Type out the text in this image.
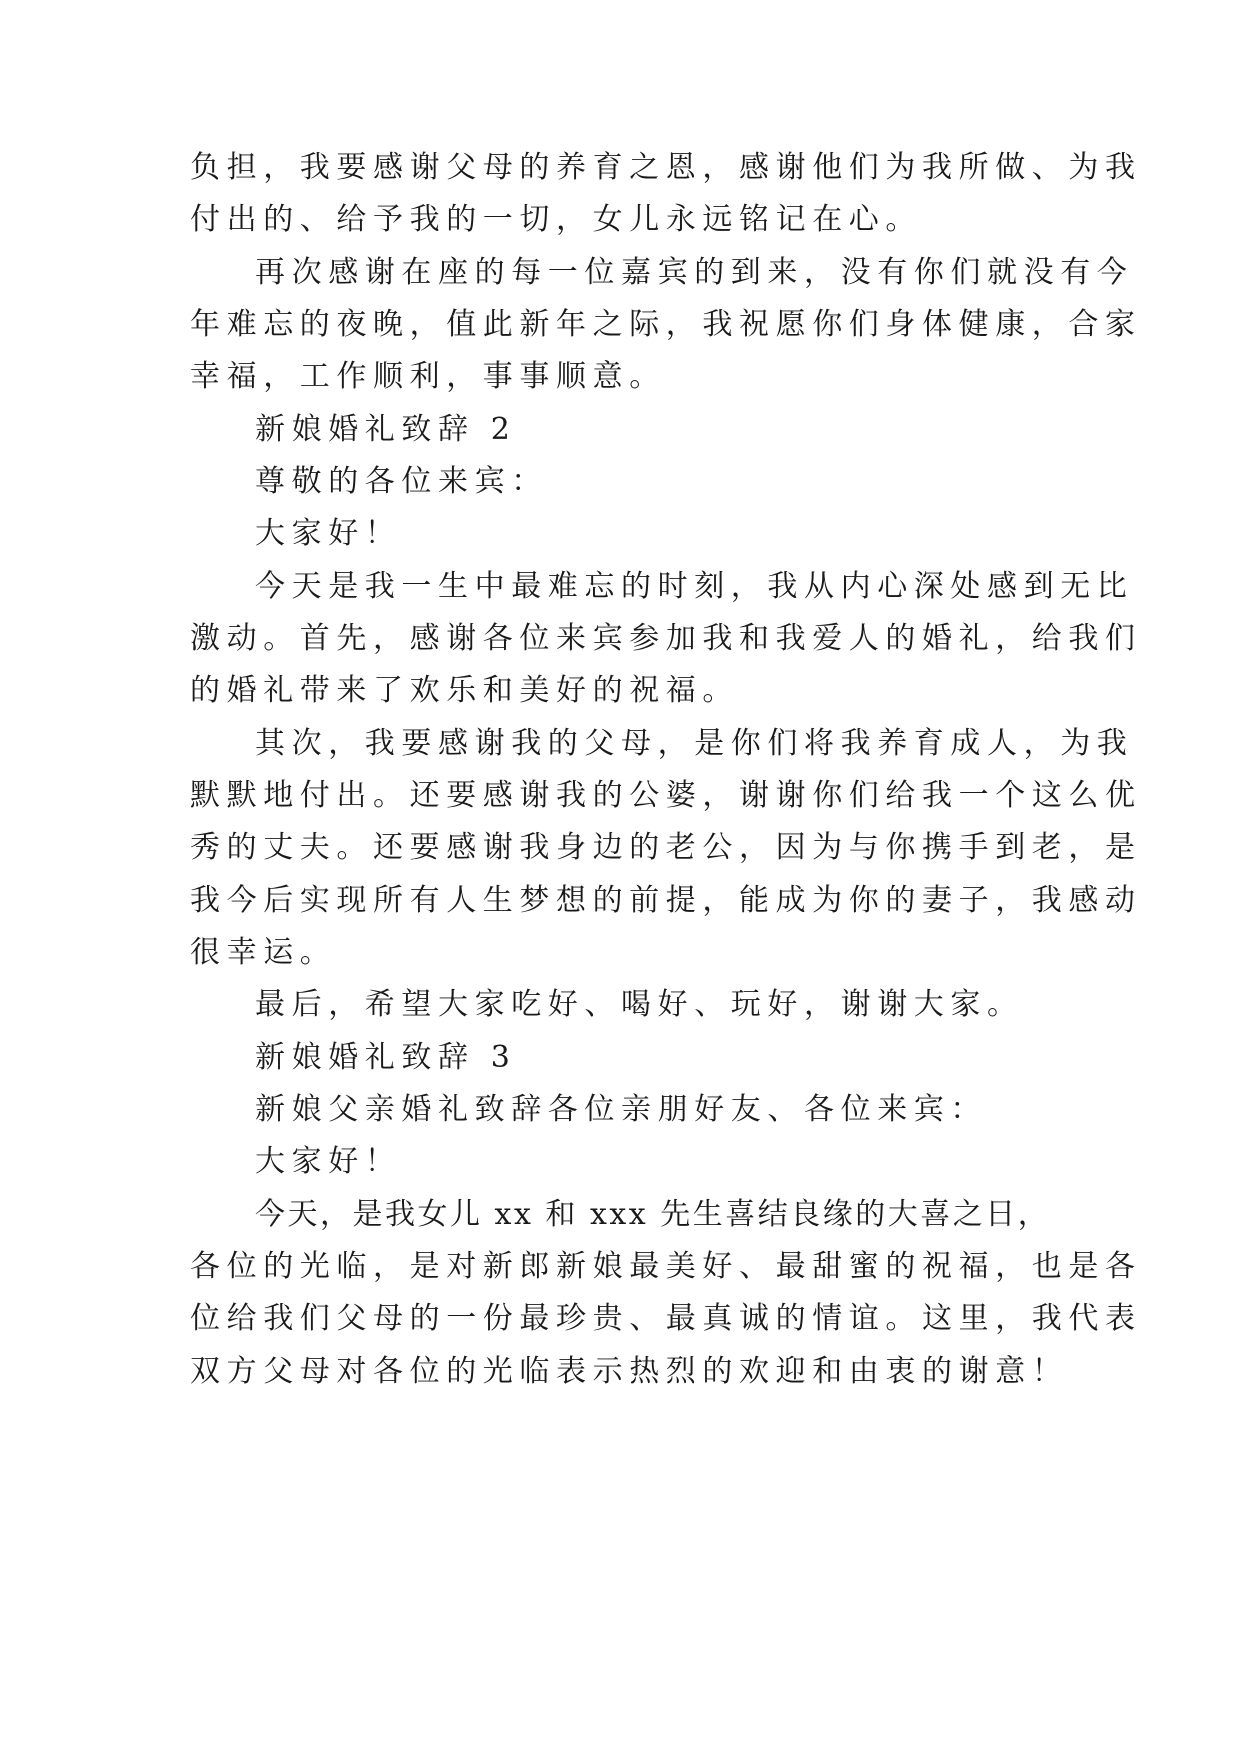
负担，我要感谢父母的养育之恩，感谢他们为我所做、为我

付出的、给予我的一切，女儿永远铭记在心。

再次感谢在座的每一位嘉宾的到来，没有你们就没有今

年难忘的夜晚，值此新年之际，我祝愿你们身体健康，合家

幸福，工作顺利，事事顺意。

新娘婚礼致辞 2

尊敬的各位来宾：

大家好！

今天是我一生中最难忘的时刻，我从内心深处感到无比

激动。首先，感谢各位来宾参加我和我爱人的婚礼，给我们

的婚礼带来了欢乐和美好的祝福。

其次，我要感谢我的父母，是你们将我养育成人，为我

默默地付出。还要感谢我的公婆，谢谢你们给我一个这么优

秀的丈夫。还要感谢我身边的老公，因为与你携手到老，是

我今后实现所有人生梦想的前提，能成为你的妻子，我感动

很幸运。

最后，希望大家吃好、喝好、玩好，谢谢大家。

新娘婚礼致辞 3

新娘父亲婚礼致辞各位亲朋好友、各位来宾：

大家好！

今天，是我女儿 xx 和 xxx 先生喜结良缘的大喜之日，

各位的光临，是对新郎新娘最美好、最甜蜜的祝福，也是各

位给我们父母的一份最珍贵、最真诚的情谊。这里，我代表

双方父母对各位的光临表示热烈的欢迎和由衷的谢意！
